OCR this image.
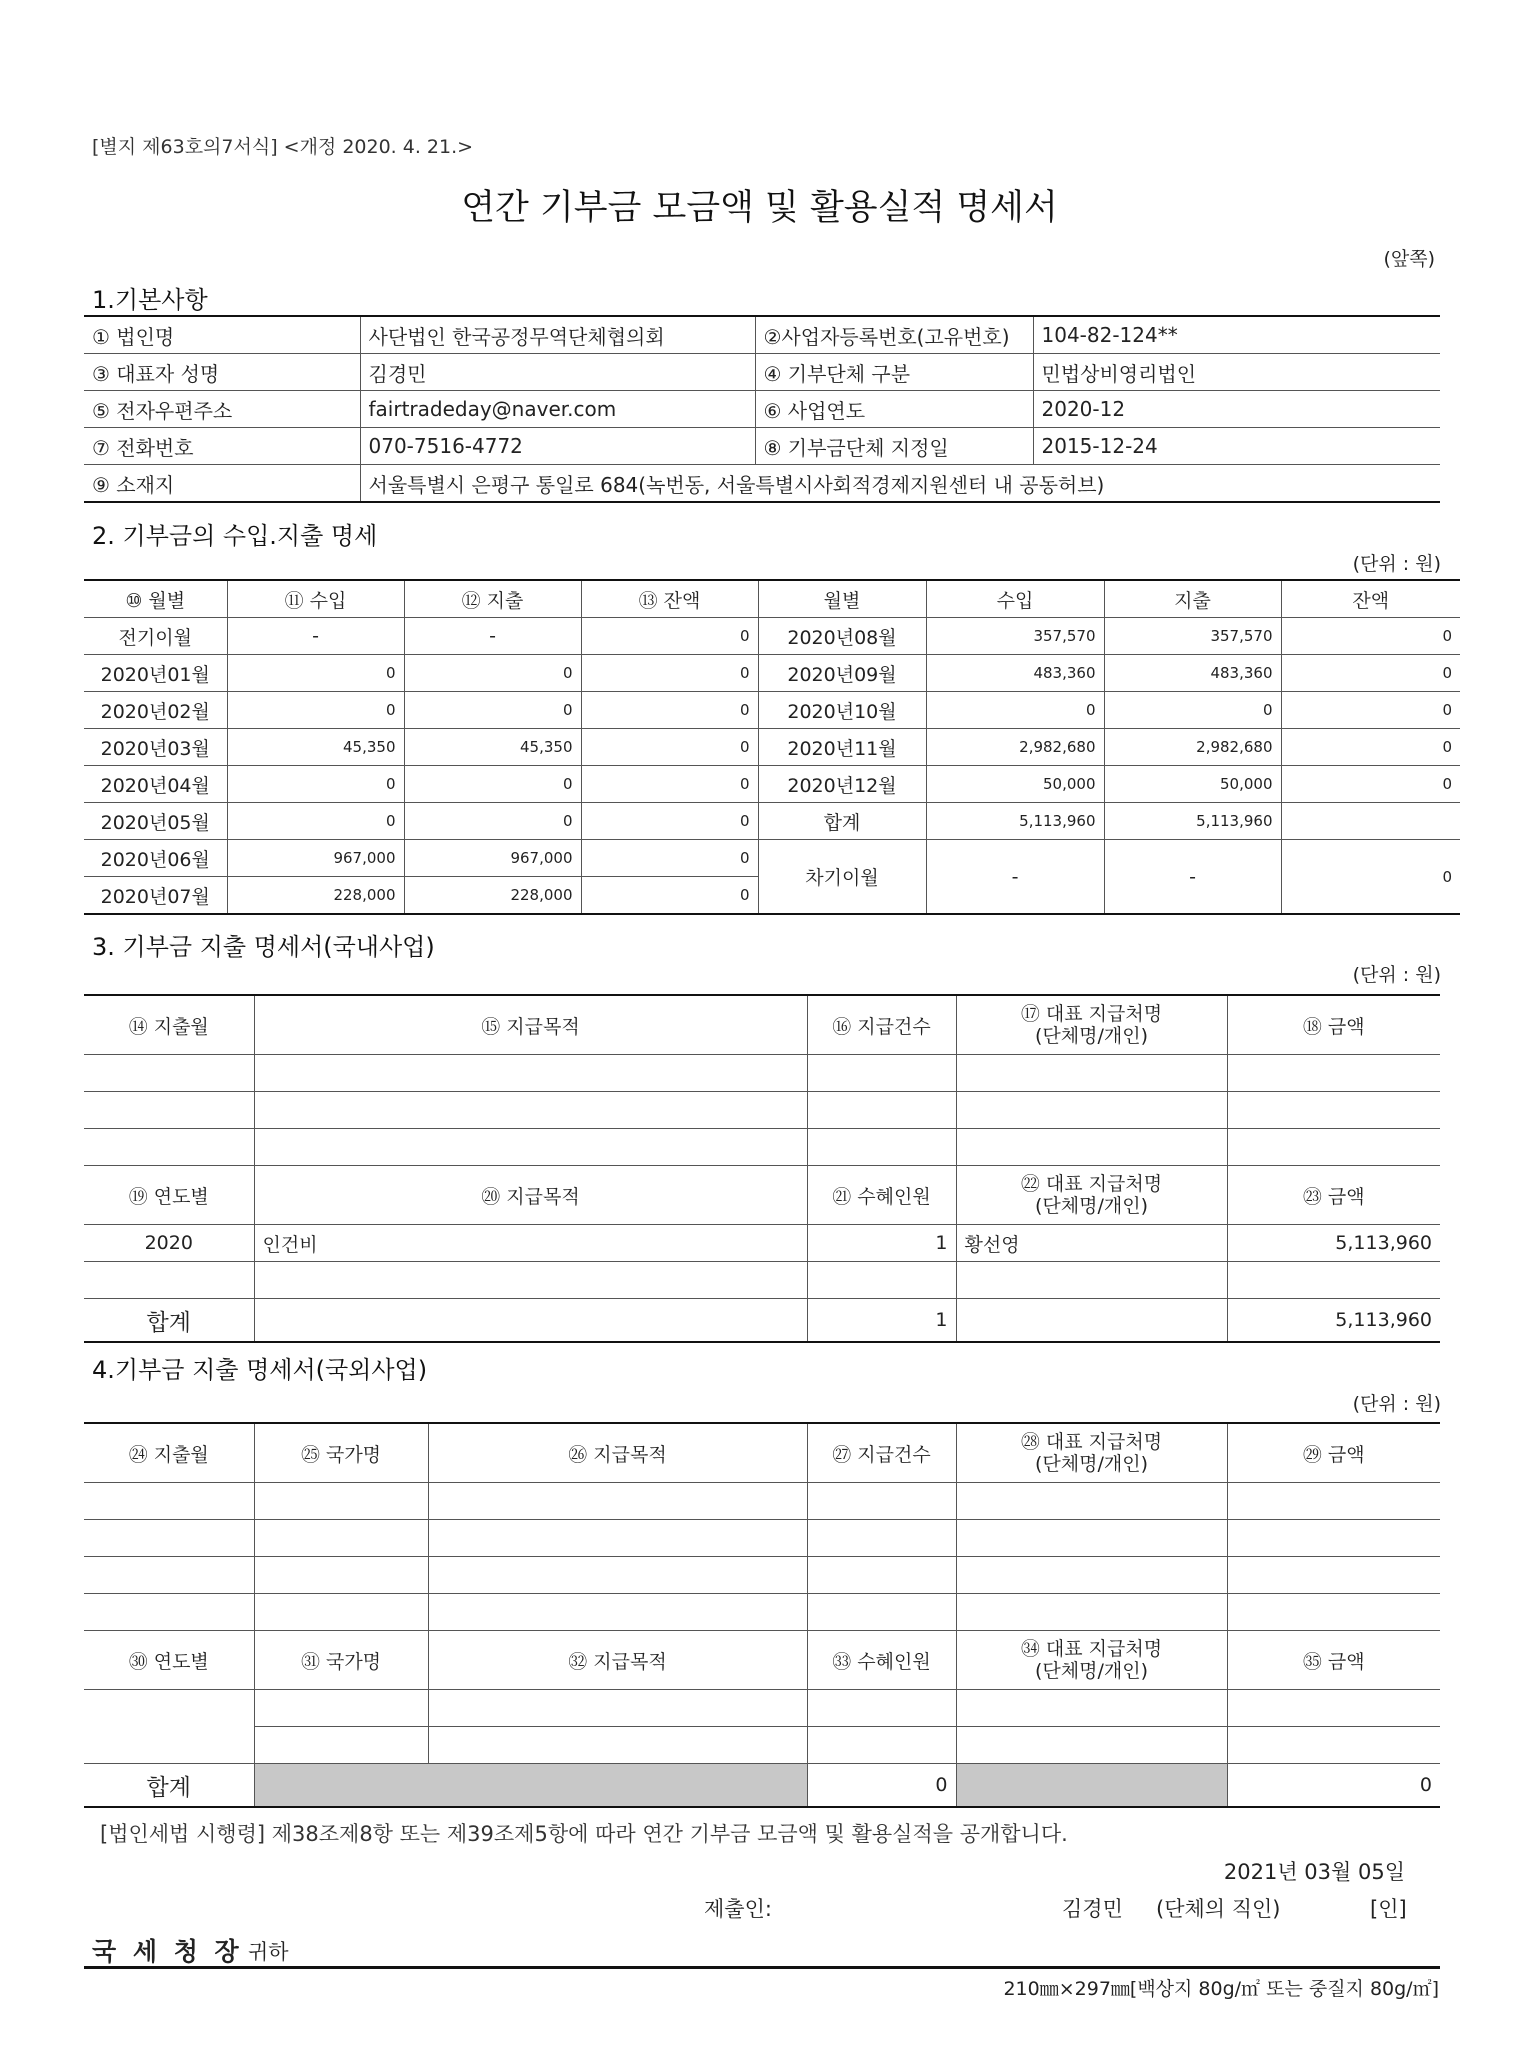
[별지 제63호의7서식] <개정 2020. 4. 21.>
연간 기부금 모금액 및 활용실적 명세서
(앞쪽)
1.기본사항
① 법인명	사단법인 한국공정무역단체협의회	②사업자등록번호(고유번호)	104-82-124**
③ 대표자 성명	김경민	④ 기부단체 구분	민법상비영리법인
⑤ 전자우편주소	fairtradeday@naver.com	⑥ 사업연도	2020-12
⑦ 전화번호	070-7516-4772	⑧ 기부금단체 지정일	2015-12-24
⑨ 소재지	서울특별시 은평구 통일로 684(녹번동, 서울특별시사회적경제지원센터 내 공동허브)		
2. 기부금의 수입.지출 명세
(단위 : 원)
⑩ 월별	⑪ 수입	⑫ 지출	⑬ 잔액	월별	수입	지출	잔액
전기이월	-	-	0	2020년08월	357,570	357,570	0
2020년01월	0	0	0	2020년09월	483,360	483,360	0
2020년02월	0	0	0	2020년10월	0	0	0
2020년03월	45,350	45,350	0	2020년11월	2,982,680	2,982,680	0
2020년04월	0	0	0	2020년12월	50,000	50,000	0
2020년05월	0	0	0	합계	5,113,960	5,113,960	
2020년06월	967,000	967,000	0	차기이월	-	-	0
2020년07월	228,000	228,000	0				
3. 기부금 지출 명세서(국내사업)
(단위 : 원)
⑭ 지출월	⑮ 지급목적	⑯ 지급건수	⑰ 대표 지급처명
(단체명/개인)	⑱ 금액

⑲ 연도별	⑳ 지급목적	㉑ 수혜인원	㉒ 대표 지급처명
(단체명/개인)	㉓ 금액
2020	인건비	1	황선영	5,113,960

합계		1		5,113,960
4.기부금 지출 명세서(국외사업)
(단위 : 원)
㉔ 지출월	㉕ 국가명	㉖ 지급목적	㉗ 지급건수	㉘ 대표 지급처명
(단체명/개인)	㉙ 금액

㉚ 연도별	㉛ 국가명	㉜ 지급목적	㉝ 수혜인원	㉞ 대표 지급처명
(단체명/개인)	㉟ 금액

합계			0		0
[법인세법 시행령] 제38조제8항 또는 제39조제5항에 따라 연간 기부금 모금액 및 활용실적을 공개합니다.
2021년 03월 05일
제출인:	김경민 (단체의 직인)	[인]
국 세 청 장 귀하
210㎜×297㎜[백상지 80g/㎡ 또는 중질지 80g/㎡]
